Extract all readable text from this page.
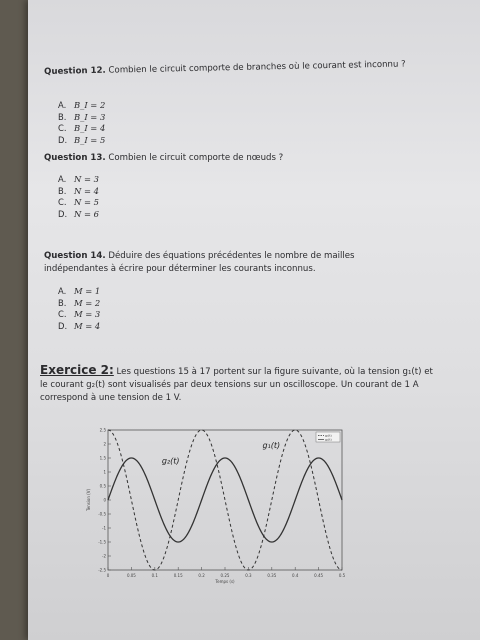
Question 12. Combien le circuit comporte de branches où le courant est inconnu ?
A. B_I = 2
B. B_I = 3
C. B_I = 4
D. B_I = 5
Question 13. Combien le circuit comporte de nœuds ?
A. N = 3
B. N = 4
C. N = 5
D. N = 6
Question 14. Déduire des équations précédentes le nombre de mailles indépendantes à écrire pour déterminer les courants inconnus.
A. M = 1
B. M = 2
C. M = 3
D. M = 4
Exercice 2: Les questions 15 à 17 portent sur la figure suivante, où la tension g₁(t) et le courant g₂(t) sont visualisés par deux tensions sur un oscilloscope. Un courant de 1 A correspond à une tension de 1 V.
0	0.05	0.1	0.15	0.2	0.25	0.3	0.35	0.4	0.45	0.5
-2.5
-2
-1.5
-1
-0.5
0
0.5
1
1.5
2
2.5
Temps (s)
Tension (V)
g₂(t)
g₁(t)
g₁(t)
g₂(t)
